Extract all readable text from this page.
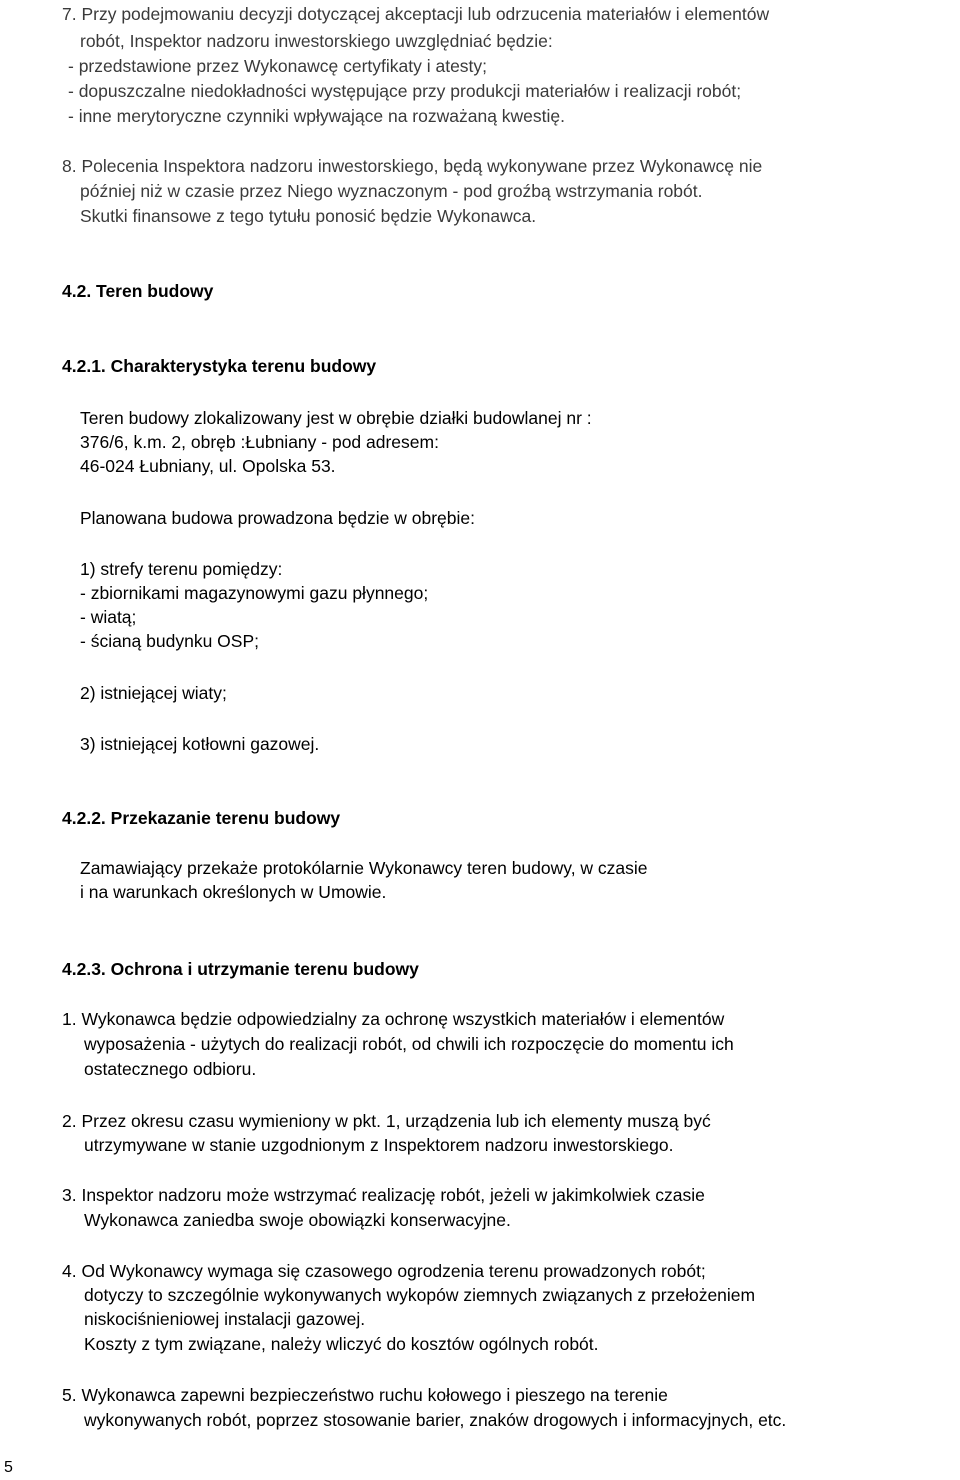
7. Przy podejmowaniu decyzji dotyczącej akceptacji lub odrzucenia materiałów i elementów
robót, Inspektor nadzoru inwestorskiego uwzględniać będzie:
- przedstawione przez Wykonawcę certyfikaty i atesty;
- dopuszczalne niedokładności występujące przy produkcji materiałów i realizacji robót;
- inne merytoryczne czynniki wpływające na rozważaną kwestię.
8. Polecenia Inspektora nadzoru inwestorskiego, będą wykonywane przez Wykonawcę nie
później niż w czasie przez Niego wyznaczonym - pod groźbą wstrzymania robót.
Skutki finansowe z tego tytułu ponosić będzie Wykonawca.
4.2. Teren budowy
4.2.1. Charakterystyka terenu budowy
Teren budowy zlokalizowany jest w obrębie działki budowlanej nr :
376/6, k.m. 2, obręb :Łubniany - pod adresem:
46-024 Łubniany, ul. Opolska 53.
Planowana budowa prowadzona będzie w obrębie:
1) strefy terenu pomiędzy:
- zbiornikami magazynowymi gazu płynnego;
- wiatą;
- ścianą budynku OSP;
2) istniejącej wiaty;
3) istniejącej kotłowni gazowej.
4.2.2. Przekazanie terenu budowy
Zamawiający przekaże protokólarnie Wykonawcy teren budowy, w czasie
i na warunkach określonych w Umowie.
4.2.3. Ochrona i utrzymanie terenu budowy
1. Wykonawca będzie odpowiedzialny za ochronę wszystkich materiałów i elementów
wyposażenia - użytych do realizacji robót, od chwili ich rozpoczęcie do momentu ich
ostatecznego odbioru.
2. Przez okresu czasu wymieniony w pkt. 1, urządzenia lub ich elementy muszą być
utrzymywane w stanie uzgodnionym z Inspektorem nadzoru inwestorskiego.
3. Inspektor nadzoru może wstrzymać realizację robót, jeżeli w jakimkolwiek czasie
Wykonawca zaniedba swoje obowiązki konserwacyjne.
4. Od Wykonawcy wymaga się czasowego ogrodzenia terenu prowadzonych robót;
dotyczy to szczególnie wykonywanych wykopów ziemnych związanych z przełożeniem
niskociśnieniowej instalacji gazowej.
Koszty z tym związane, należy wliczyć do kosztów ogólnych robót.
5. Wykonawca zapewni bezpieczeństwo ruchu kołowego i pieszego na terenie
wykonywanych robót, poprzez stosowanie barier, znaków drogowych i informacyjnych, etc.
5
